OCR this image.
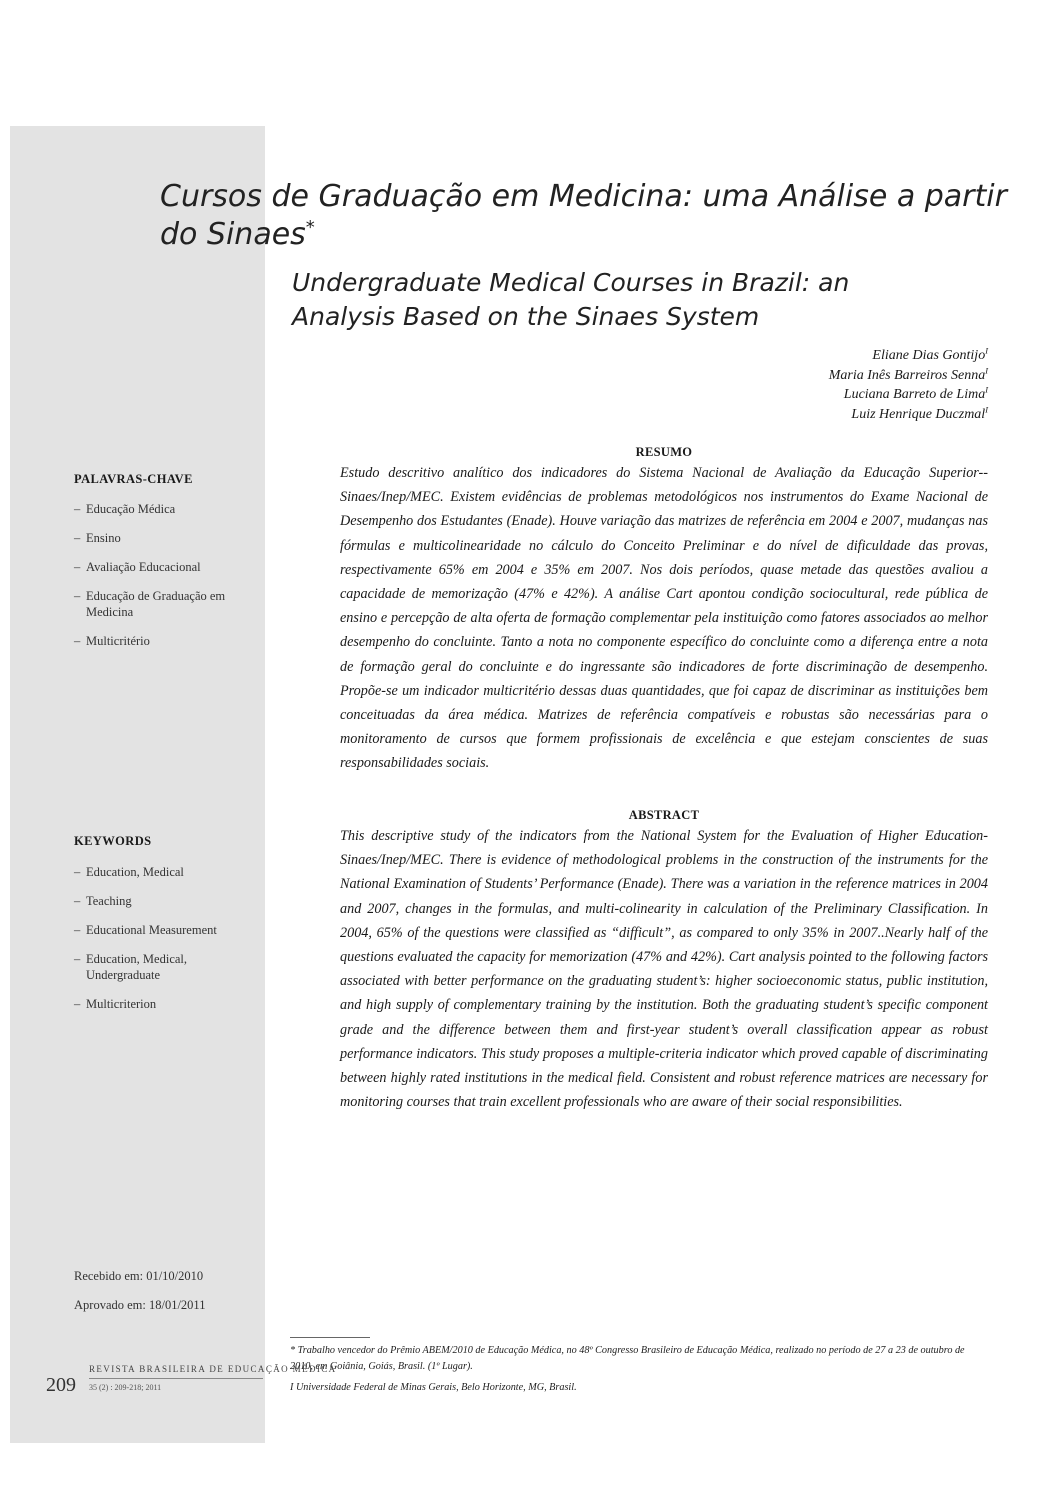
Cursos de Graduação em Medicina: uma Análise a partir do Sinaes*
Undergraduate Medical Courses in Brazil: an
Analysis Based on the Sinaes System
Eliane Dias Gontijo$^I$
Maria Inês Barreiros Senna$^I$
Luciana Barreto de Lima$^I$
Luiz Henrique Duczmal$^I$
RESUMO

Estudo descritivo analítico dos indicadores do Sistema Nacional de Avaliação da Educação Superior--Sinaes/Inep/MEC. Existem evidências de problemas metodológicos nos instrumentos do Exame Nacional de Desempenho dos Estudantes (Enade). Houve variação das matrizes de referência em 2004 e 2007, mudanças nas fórmulas e multicolinearidade no cálculo do Conceito Preliminar e do nível de dificuldade das provas, respectivamente 65% em 2004 e 35% em 2007. Nos dois períodos, quase metade das questões avaliou a capacidade de memorização (47% e 42%). A análise Cart apontou condição sociocultural, rede pública de ensino e percepção de alta oferta de formação complementar pela instituição como fatores associados ao melhor desempenho do concluinte. Tanto a nota no componente específico do concluinte como a diferença entre a nota de formação geral do concluinte e do ingressante são indicadores de forte discriminação de desempenho. Propõe-se um indicador multicritério dessas duas quantidades, que foi capaz de discriminar as instituições bem conceituadas da área médica. Matrizes de referência compatíveis e robustas são necessárias para o monitoramento de cursos que formem profissionais de excelência e que estejam conscientes de suas responsabilidades sociais.

ABSTRACT

This descriptive study of the indicators from the National System for the Evaluation of Higher Education-Sinaes/Inep/MEC. There is evidence of methodological problems in the construction of the instruments for the National Examination of Students’ Performance (Enade). There was a variation in the reference matrices in 2004 and 2007, changes in the formulas, and multi-colinearity in calculation of the Preliminary Classification. In 2004, 65% of the questions were classified as “difficult”, as compared to only 35% in 2007..Nearly half of the questions evaluated the capacity for memorization (47% and 42%). Cart analysis pointed to the following factors associated with better performance on the graduating student’s: higher socioeconomic status, public institution, and high supply of complementary training by the institution. Both the graduating student’s specific component grade and the difference between them and first-year student’s overall classification appear as robust performance indicators. This study proposes a multiple-criteria indicator which proved capable of discriminating between highly rated institutions in the medical field. Consistent and robust reference matrices are necessary for monitoring courses that train excellent professionals who are aware of their social responsibilities.

PALAVRAS-CHAVE
– Educação Médica
– Ensino
– Avaliação Educacional
– Educação de Graduação em Medicina
– Multicritério
KEYWORDS
– Education, Medical
– Teaching
– Educational Measurement
– Education, Medical, Undergraduate
– Multicriterion
Recebido em: 01/10/2010
Aprovado em: 18/01/2011
209
REVISTA BRASILEIRA DE EDUCAÇÃO MÉDICA
35 (2) : 209-218; 2011

* Trabalho vencedor do Prêmio ABEM/2010 de Educação Médica, no 48º Congresso Brasileiro de Educação Médica, realizado no período de 27 a 23 de outubro de 2010, em Goiânia, Goiás, Brasil. (1º Lugar).

I Universidade Federal de Minas Gerais, Belo Horizonte, MG, Brasil.
